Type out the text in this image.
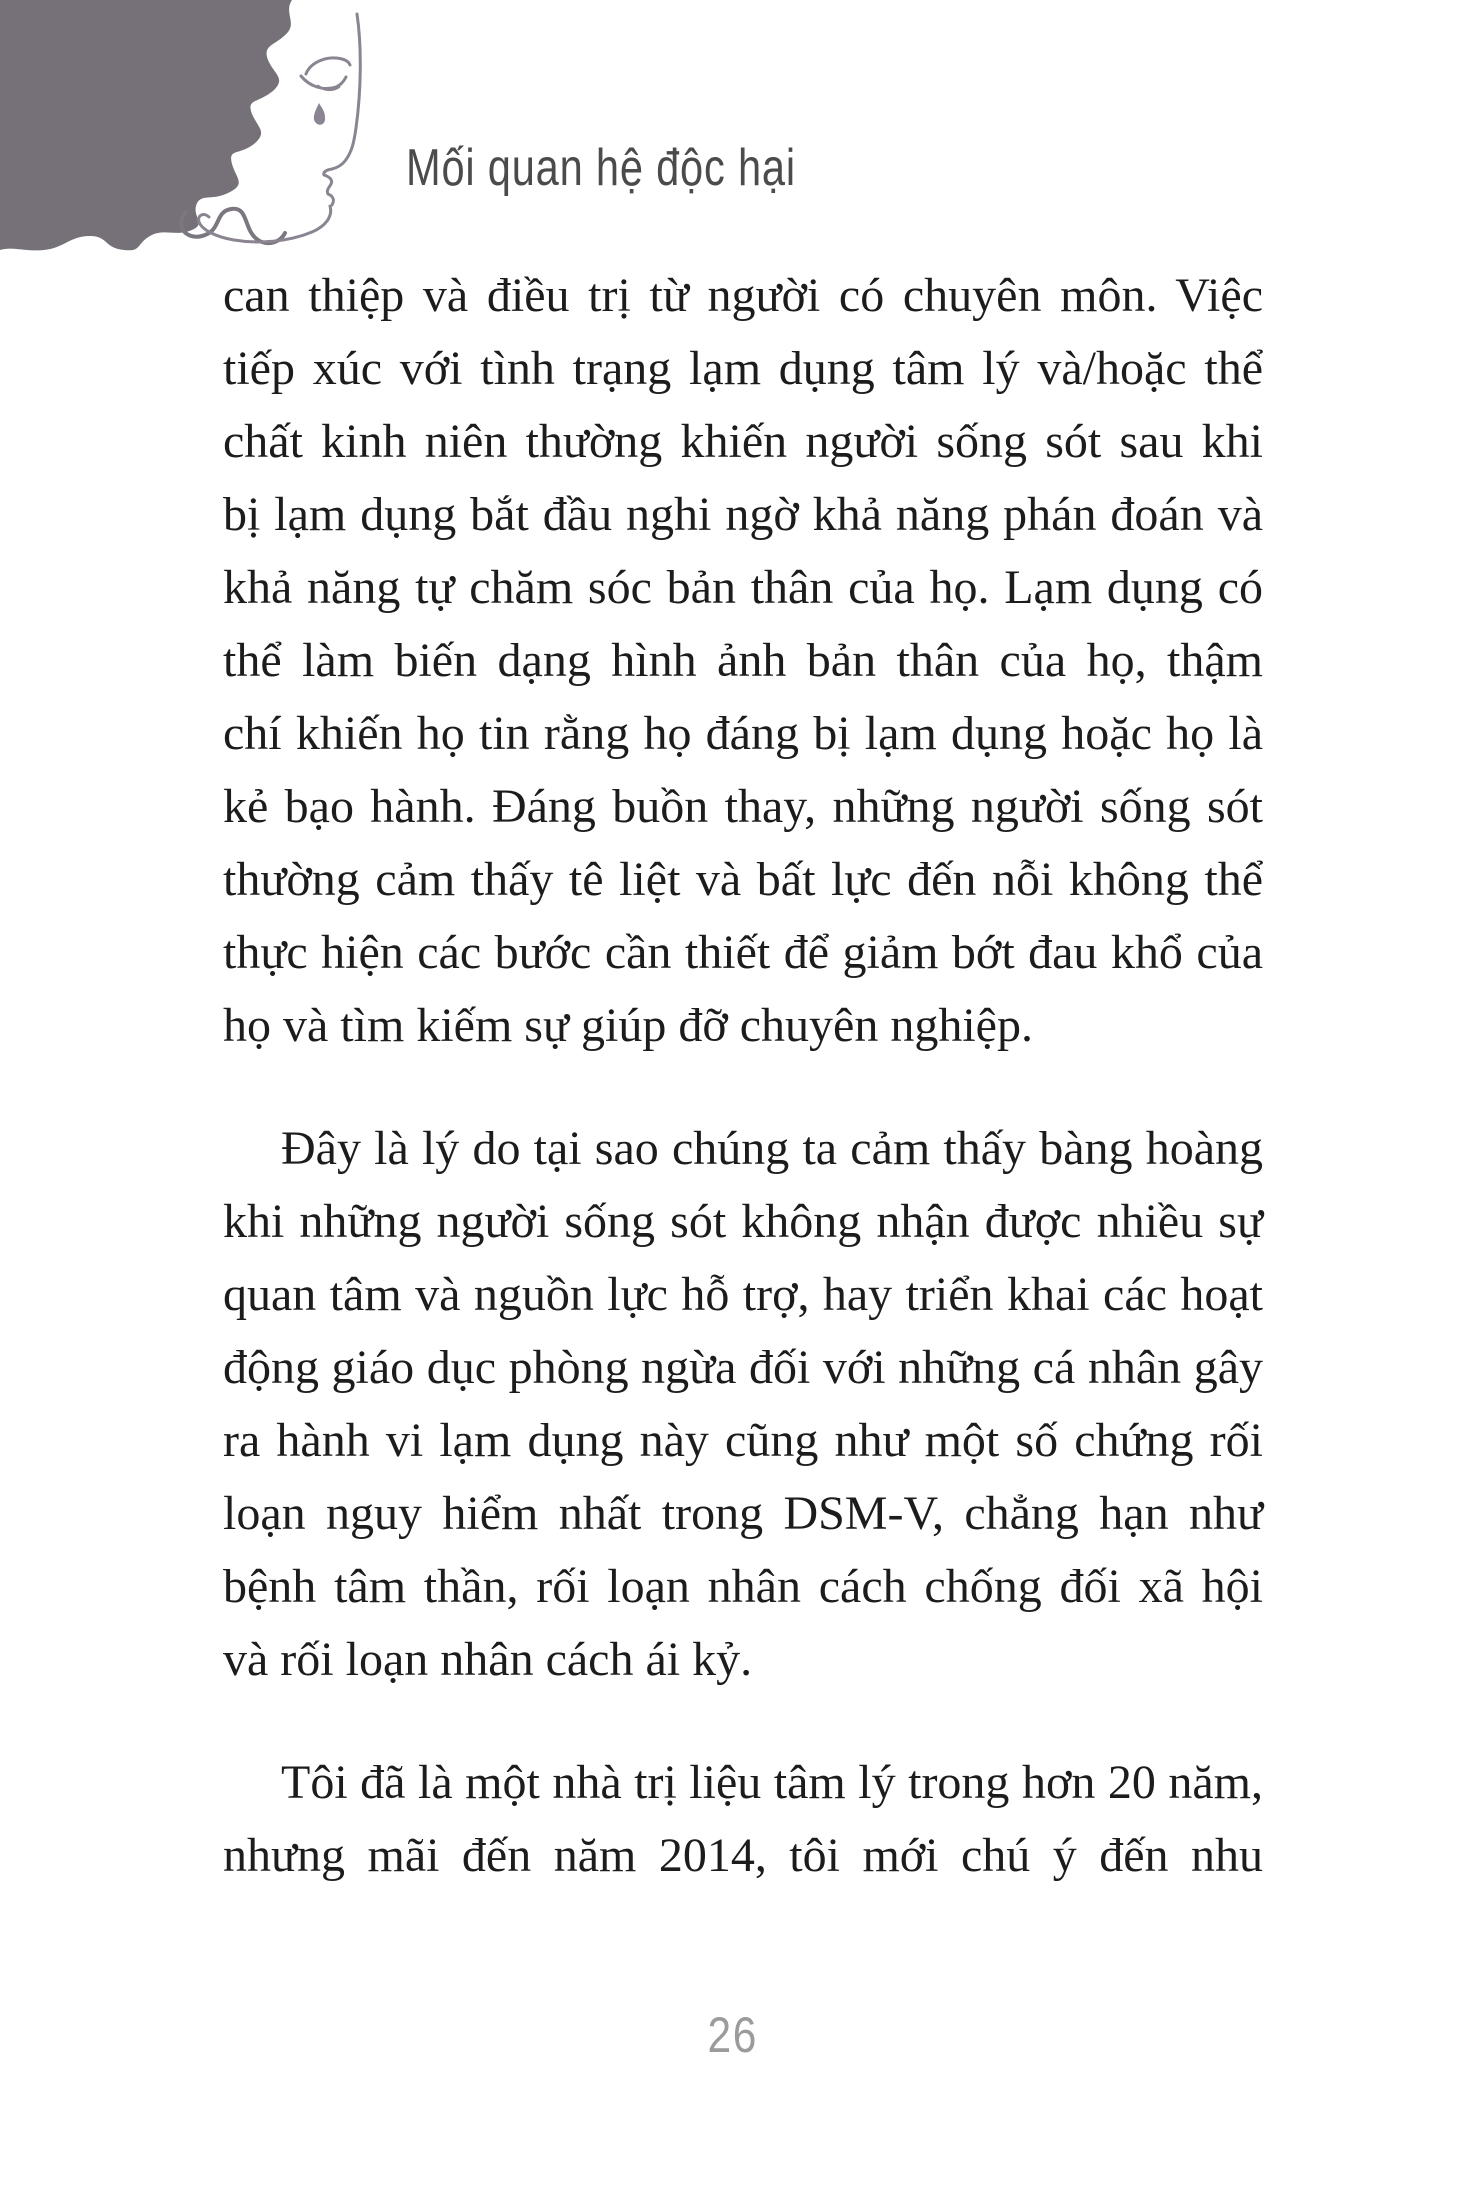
Mối quan hệ độc hại
can thiệp và điều trị từ người có chuyên môn. Việc
tiếp xúc với tình trạng lạm dụng tâm lý và/hoặc thể
chất kinh niên thường khiến người sống sót sau khi
bị lạm dụng bắt đầu nghi ngờ khả năng phán đoán và
khả năng tự chăm sóc bản thân của họ. Lạm dụng có
thể làm biến dạng hình ảnh bản thân của họ, thậm
chí khiến họ tin rằng họ đáng bị lạm dụng hoặc họ là
kẻ bạo hành. Đáng buồn thay, những người sống sót
thường cảm thấy tê liệt và bất lực đến nỗi không thể
thực hiện các bước cần thiết để giảm bớt đau khổ của
họ và tìm kiếm sự giúp đỡ chuyên nghiệp.
Đây là lý do tại sao chúng ta cảm thấy bàng hoàng
khi những người sống sót không nhận được nhiều sự
quan tâm và nguồn lực hỗ trợ, hay triển khai các hoạt
động giáo dục phòng ngừa đối với những cá nhân gây
ra hành vi lạm dụng này cũng như một số chứng rối
loạn nguy hiểm nhất trong DSM-V, chẳng hạn như
bệnh tâm thần, rối loạn nhân cách chống đối xã hội
và rối loạn nhân cách ái kỷ.
Tôi đã là một nhà trị liệu tâm lý trong hơn 20 năm,
nhưng mãi đến năm 2014, tôi mới chú ý đến nhu
26
